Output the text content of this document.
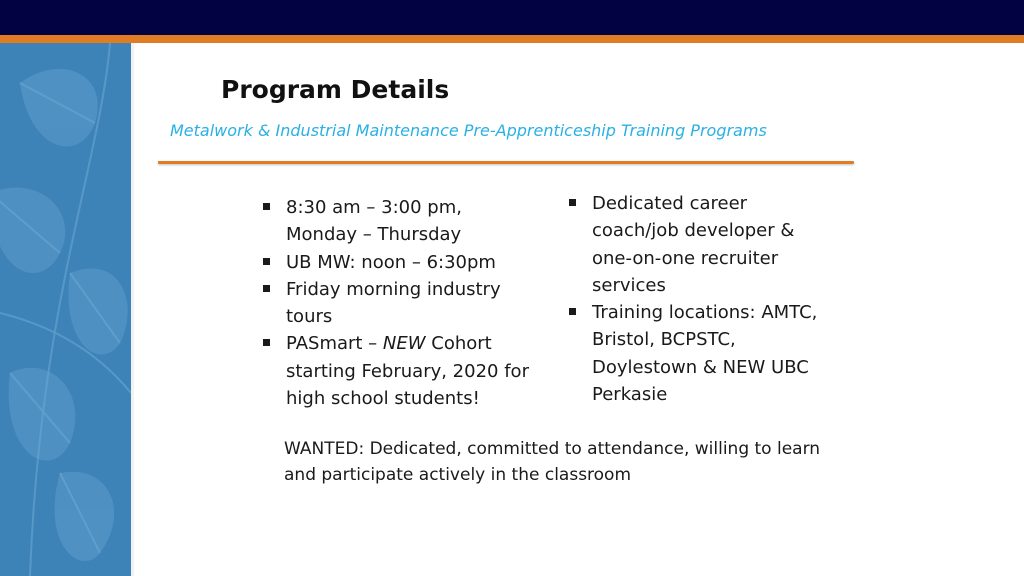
Program Details
Metalwork & Industrial Maintenance Pre-Apprenticeship Training Programs
8:30 am – 3:00 pm, Monday – Thursday
UB MW: noon – 6:30pm
Friday morning industry tours
PASmart – NEW Cohort starting February, 2020 for high school students!
Dedicated career coach/job developer & one-on-one recruiter services
Training locations: AMTC, Bristol, BCPSTC, Doylestown & NEW UBC Perkasie
WANTED: Dedicated, committed to attendance, willing to learn and participate actively in the classroom
